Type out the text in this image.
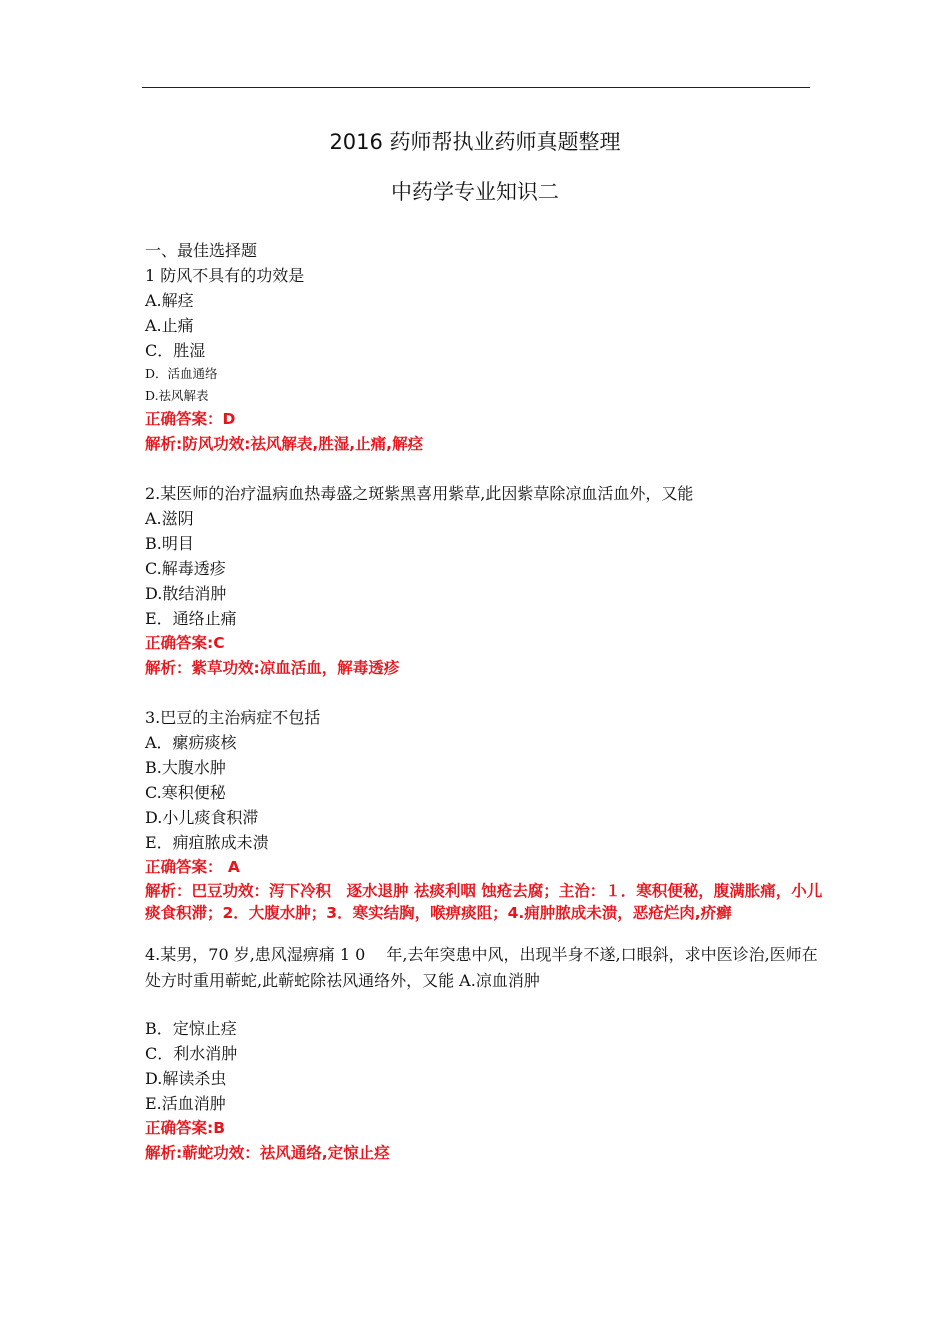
2016 药师帮执业药师真题整理
中药学专业知识二
一、最佳选择题
1 防风不具有的功效是
A.解痉
A.止痛
C．胜湿
D．活血通络
D.祛风解表
正确答案：D
解析:防风功效:祛风解表,胜湿,止痛,解痉
2.某医师的治疗温病血热毒盛之斑紫黑喜用紫草,此因紫草除凉血活血外，又能
A.滋阴
B.明目
C.解毒透疹
D.散结消肿
E．通络止痛
正确答案:C
解析：紫草功效:凉血活血，解毒透疹
3.巴豆的主治病症不包括
A．瘰疬痰核
B.大腹水肿
C.寒积便秘
D.小儿痰食积滞
E．痈疽脓成未溃
正确答案： A
解析：巴豆功效：泻下冷积　逐水退肿 祛痰利咽 蚀疮去腐；主治：１．寒积便秘，腹满胀痛，小儿痰食积滞；2．大腹水肿；3．寒实结胸，喉痹痰阻；4.痈肿脓成未溃，恶疮烂肉,疥癣
4.某男，70 岁,患风湿痹痛 1 0　 年,去年突患中风，出现半身不遂,口眼斜，求中医诊治,医师在处方时重用蕲蛇,此蕲蛇除祛风通络外，又能 A.凉血消肿
B．定惊止痉
C．利水消肿
D.解读杀虫
E.活血消肿
正确答案:B
解析:蕲蛇功效：祛风通络,定惊止痉
